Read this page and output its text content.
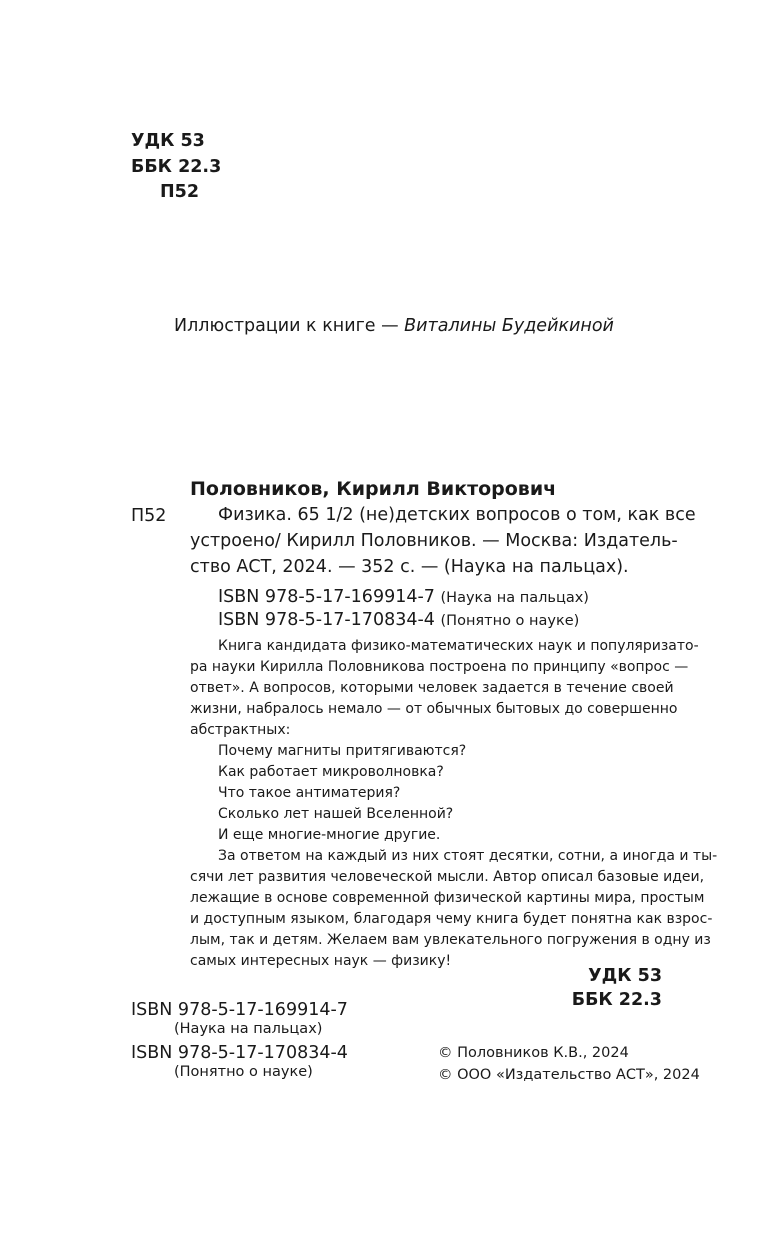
УДК 53
ББК 22.3
П52
Иллюстрации к книге — Виталины Будейкиной
Половников, Кирилл Викторович
П52	Физика. 65 1/2 (не)детских вопросов о том, как все
устроено/ Кирилл Половников. — Москва: Издатель-
ство АСТ, 2024. — 352 с. — (Наука на пальцах).
ISBN 978-5-17-169914-7 (Наука на пальцах)
ISBN 978-5-17-170834-4 (Понятно о науке)
Книга кандидата физико-математических наук и популяризато-
ра науки Кирилла Половникова построена по принципу «вопрос —
ответ». А вопросов, которыми человек задается в течение своей
жизни, набралось немало — от обычных бытовых до совершенно
абстрактных:
Почему магниты притягиваются?
Как работает микроволновка?
Что такое антиматерия?
Сколько лет нашей Вселенной?
И еще многие-многие другие.
За ответом на каждый из них стоят десятки, сотни, а иногда и ты-
сячи лет развития человеческой мысли. Автор описал базовые идеи,
лежащие в основе современной физической картины мира, простым
и доступным языком, благодаря чему книга будет понятна как взрос-
лым, так и детям. Желаем вам увлекательного погружения в одну из
самых интересных наук — физику!
УДК 53
ББК 22.3
ISBN 978-5-17-169914-7
(Наука на пальцах)
ISBN 978-5-17-170834-4
(Понятно о науке)
© Половников К.В., 2024
© ООО «Издательство АСТ», 2024
